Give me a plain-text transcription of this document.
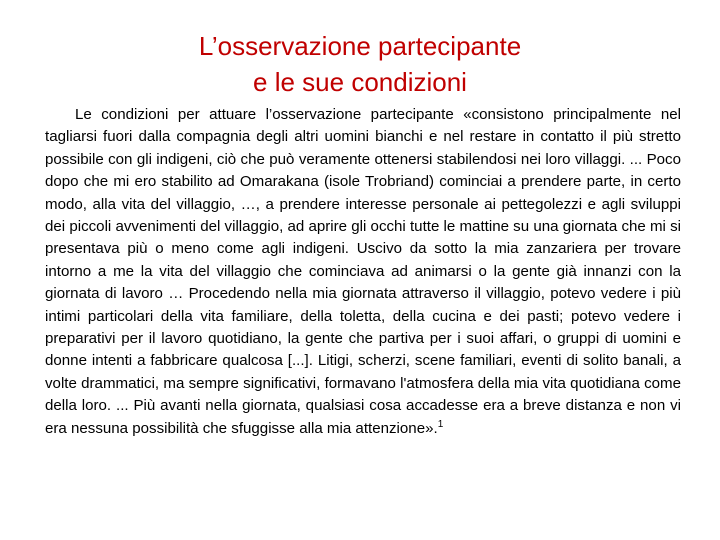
L’osservazione partecipante
e le sue condizioni

Le condizioni per attuare l’osservazione partecipante «consistono principalmente nel tagliarsi fuori dalla compagnia degli altri uomini bianchi e nel restare in contatto il più stretto possibile con gli indigeni, ciò che può veramente ottenersi stabilendosi nei loro villaggi. ... Poco dopo che mi ero stabilito ad Omarakana (isole Trobriand) cominciai a prendere parte, in certo modo, alla vita del villaggio, …, a prendere interesse personale ai pettegolezzi e agli sviluppi dei piccoli avvenimenti del villaggio, ad aprire gli occhi tutte le mattine su una giornata che mi si presentava più o meno come agli indigeni. Uscivo da sotto la mia zanzariera per trovare intorno a me la vita del villaggio che cominciava ad animarsi o la gente già innanzi con la giornata di lavoro … Procedendo nella mia giornata attraverso il villaggio, potevo vedere i più intimi particolari della vita familiare, della toletta, della cucina e dei pasti; potevo vedere i preparativi per il lavoro quotidiano, la gente che partiva per i suoi affari, o gruppi di uomini e donne intenti a fabbricare qualcosa [...]. Litigi, scherzi, scene familiari, eventi di solito banali, a volte drammatici, ma sempre significativi, formavano l'atmosfera della mia vita quotidiana come della loro. ... Più avanti nella giornata, qualsiasi cosa accadesse era a breve distanza e non vi era nessuna possibilità che sfuggisse alla mia attenzione».$^1$
